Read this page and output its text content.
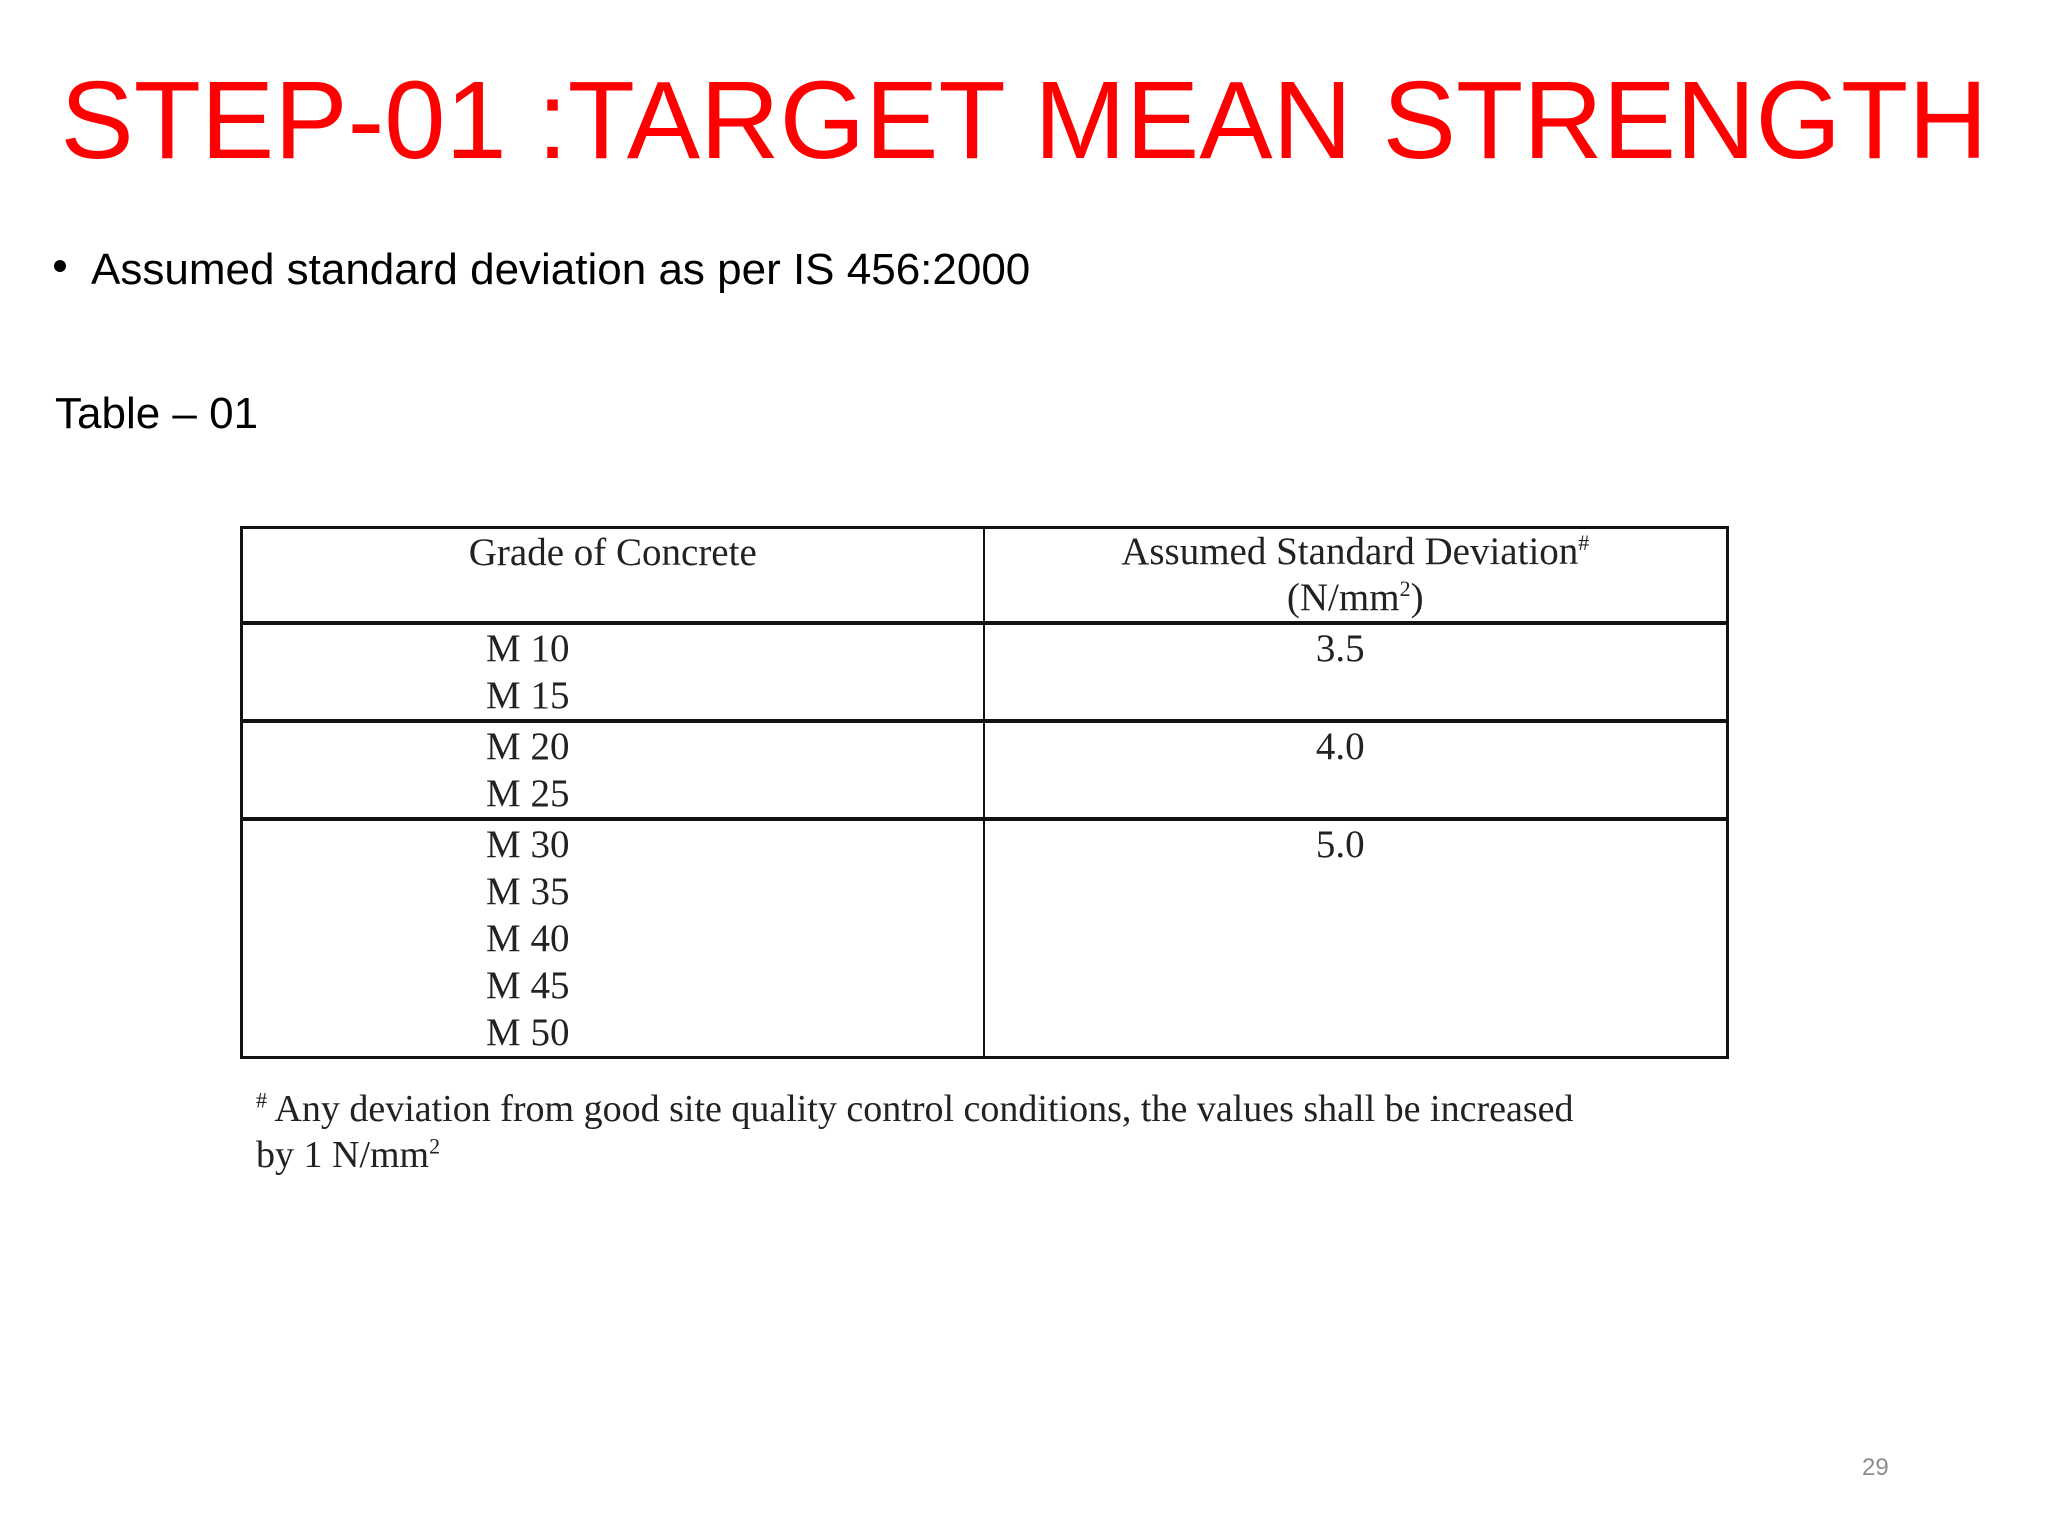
STEP-01 :TARGET MEAN STRENGTH
Assumed standard deviation as per IS 456:2000
Table – 01
Grade of Concrete	Assumed Standard Deviation#
$(N/mm^2)$

M 10
M 15	3.5

M 20
M 25	4.0

M 30
M 35
M 40
M 45
M 50	5.0
# Any deviation from good site quality control conditions, the values shall be increased
by 1 $N/mm^2$
29
